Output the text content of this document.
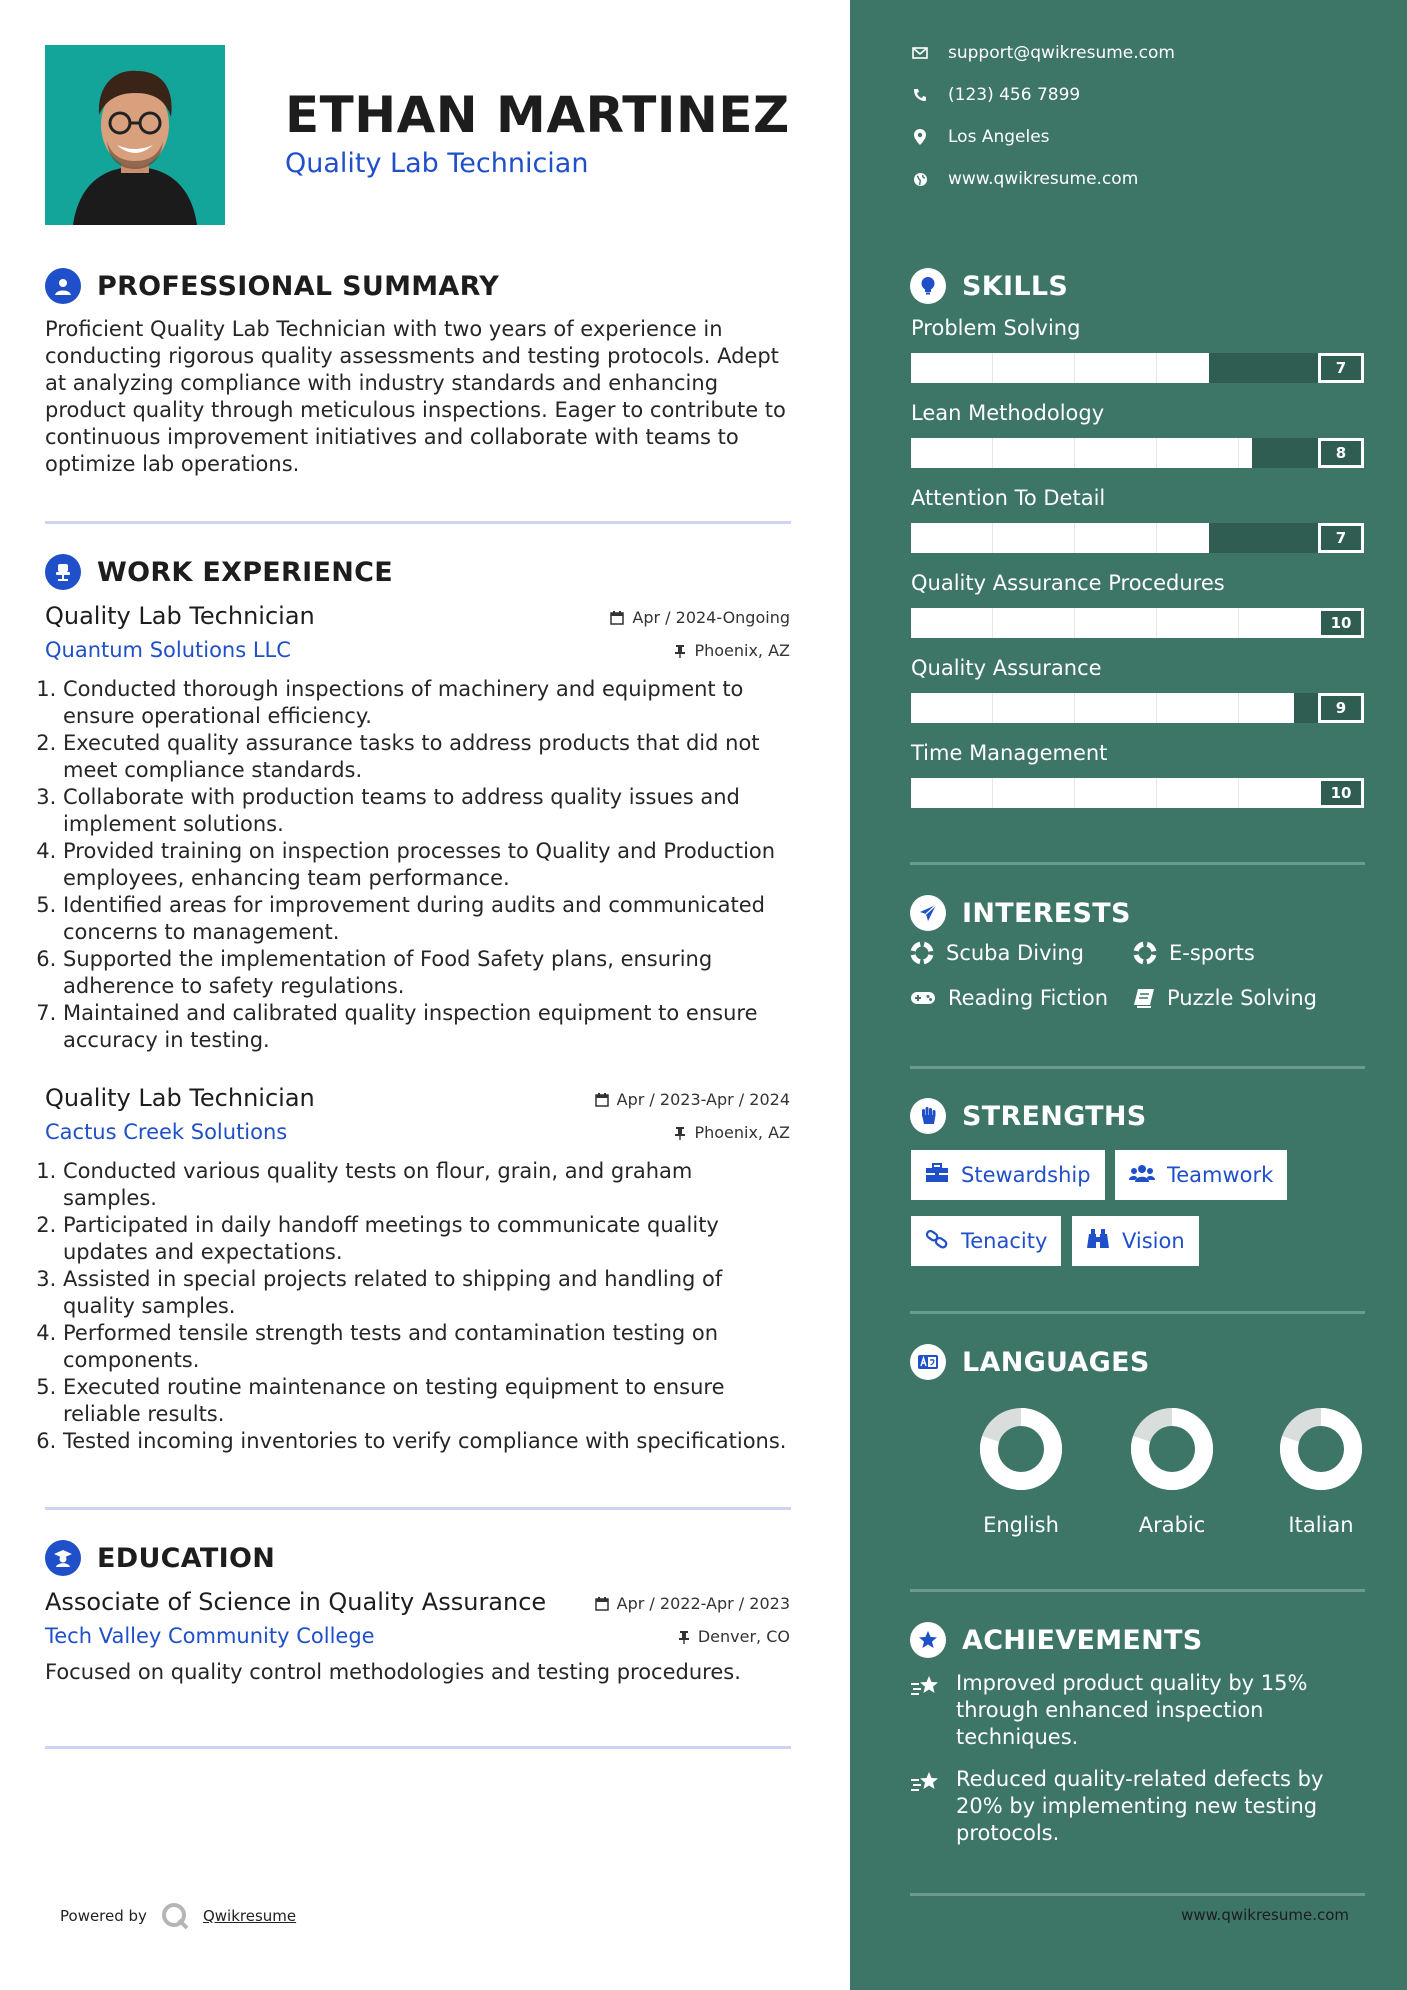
ETHAN MARTINEZ
Quality Lab Technician
PROFESSIONAL SUMMARY
Proficient Quality Lab Technician with two years of experience in conducting rigorous quality assessments and testing protocols. Adept at analyzing compliance with industry standards and enhancing product quality through meticulous inspections. Eager to contribute to continuous improvement initiatives and collaborate with teams to optimize lab operations.
WORK EXPERIENCE
Quality Lab Technician
Quantum Solutions LLC
Apr / 2024-Ongoing
Phoenix, AZ
1. Conducted thorough inspections of machinery and equipment to ensure operational efficiency.
2. Executed quality assurance tasks to address products that did not meet compliance standards.
3. Collaborate with production teams to address quality issues and implement solutions.
4. Provided training on inspection processes to Quality and Production employees, enhancing team performance.
5. Identified areas for improvement during audits and communicated concerns to management.
6. Supported the implementation of Food Safety plans, ensuring adherence to safety regulations.
7. Maintained and calibrated quality inspection equipment to ensure accuracy in testing.
Quality Lab Technician
Cactus Creek Solutions
Apr / 2023-Apr / 2024
Phoenix, AZ
1. Conducted various quality tests on flour, grain, and graham samples.
2. Participated in daily handoff meetings to communicate quality updates and expectations.
3. Assisted in special projects related to shipping and handling of quality samples.
4. Performed tensile strength tests and contamination testing on components.
5. Executed routine maintenance on testing equipment to ensure reliable results.
6. Tested incoming inventories to verify compliance with specifications.
EDUCATION
Associate of Science in Quality Assurance
Tech Valley Community College
Apr / 2022-Apr / 2023
Denver, CO
Focused on quality control methodologies and testing procedures.
Powered by	Qwikresume
support@qwikresume.com
(123) 456 7899
Los Angeles
www.qwikresume.com
SKILLS
Problem Solving
7
Lean Methodology
8
Attention To Detail
7
Quality Assurance Procedures
10
Quality Assurance
9
Time Management
10
INTERESTS
Scuba Diving	E-sports
Reading Fiction	Puzzle Solving
STRENGTHS
Stewardship	Teamwork
Tenacity	Vision
LANGUAGES
English	Arabic	Italian
ACHIEVEMENTS
Improved product quality by 15% through enhanced inspection techniques.
Reduced quality-related defects by 20% by implementing new testing protocols.
www.qwikresume.com
